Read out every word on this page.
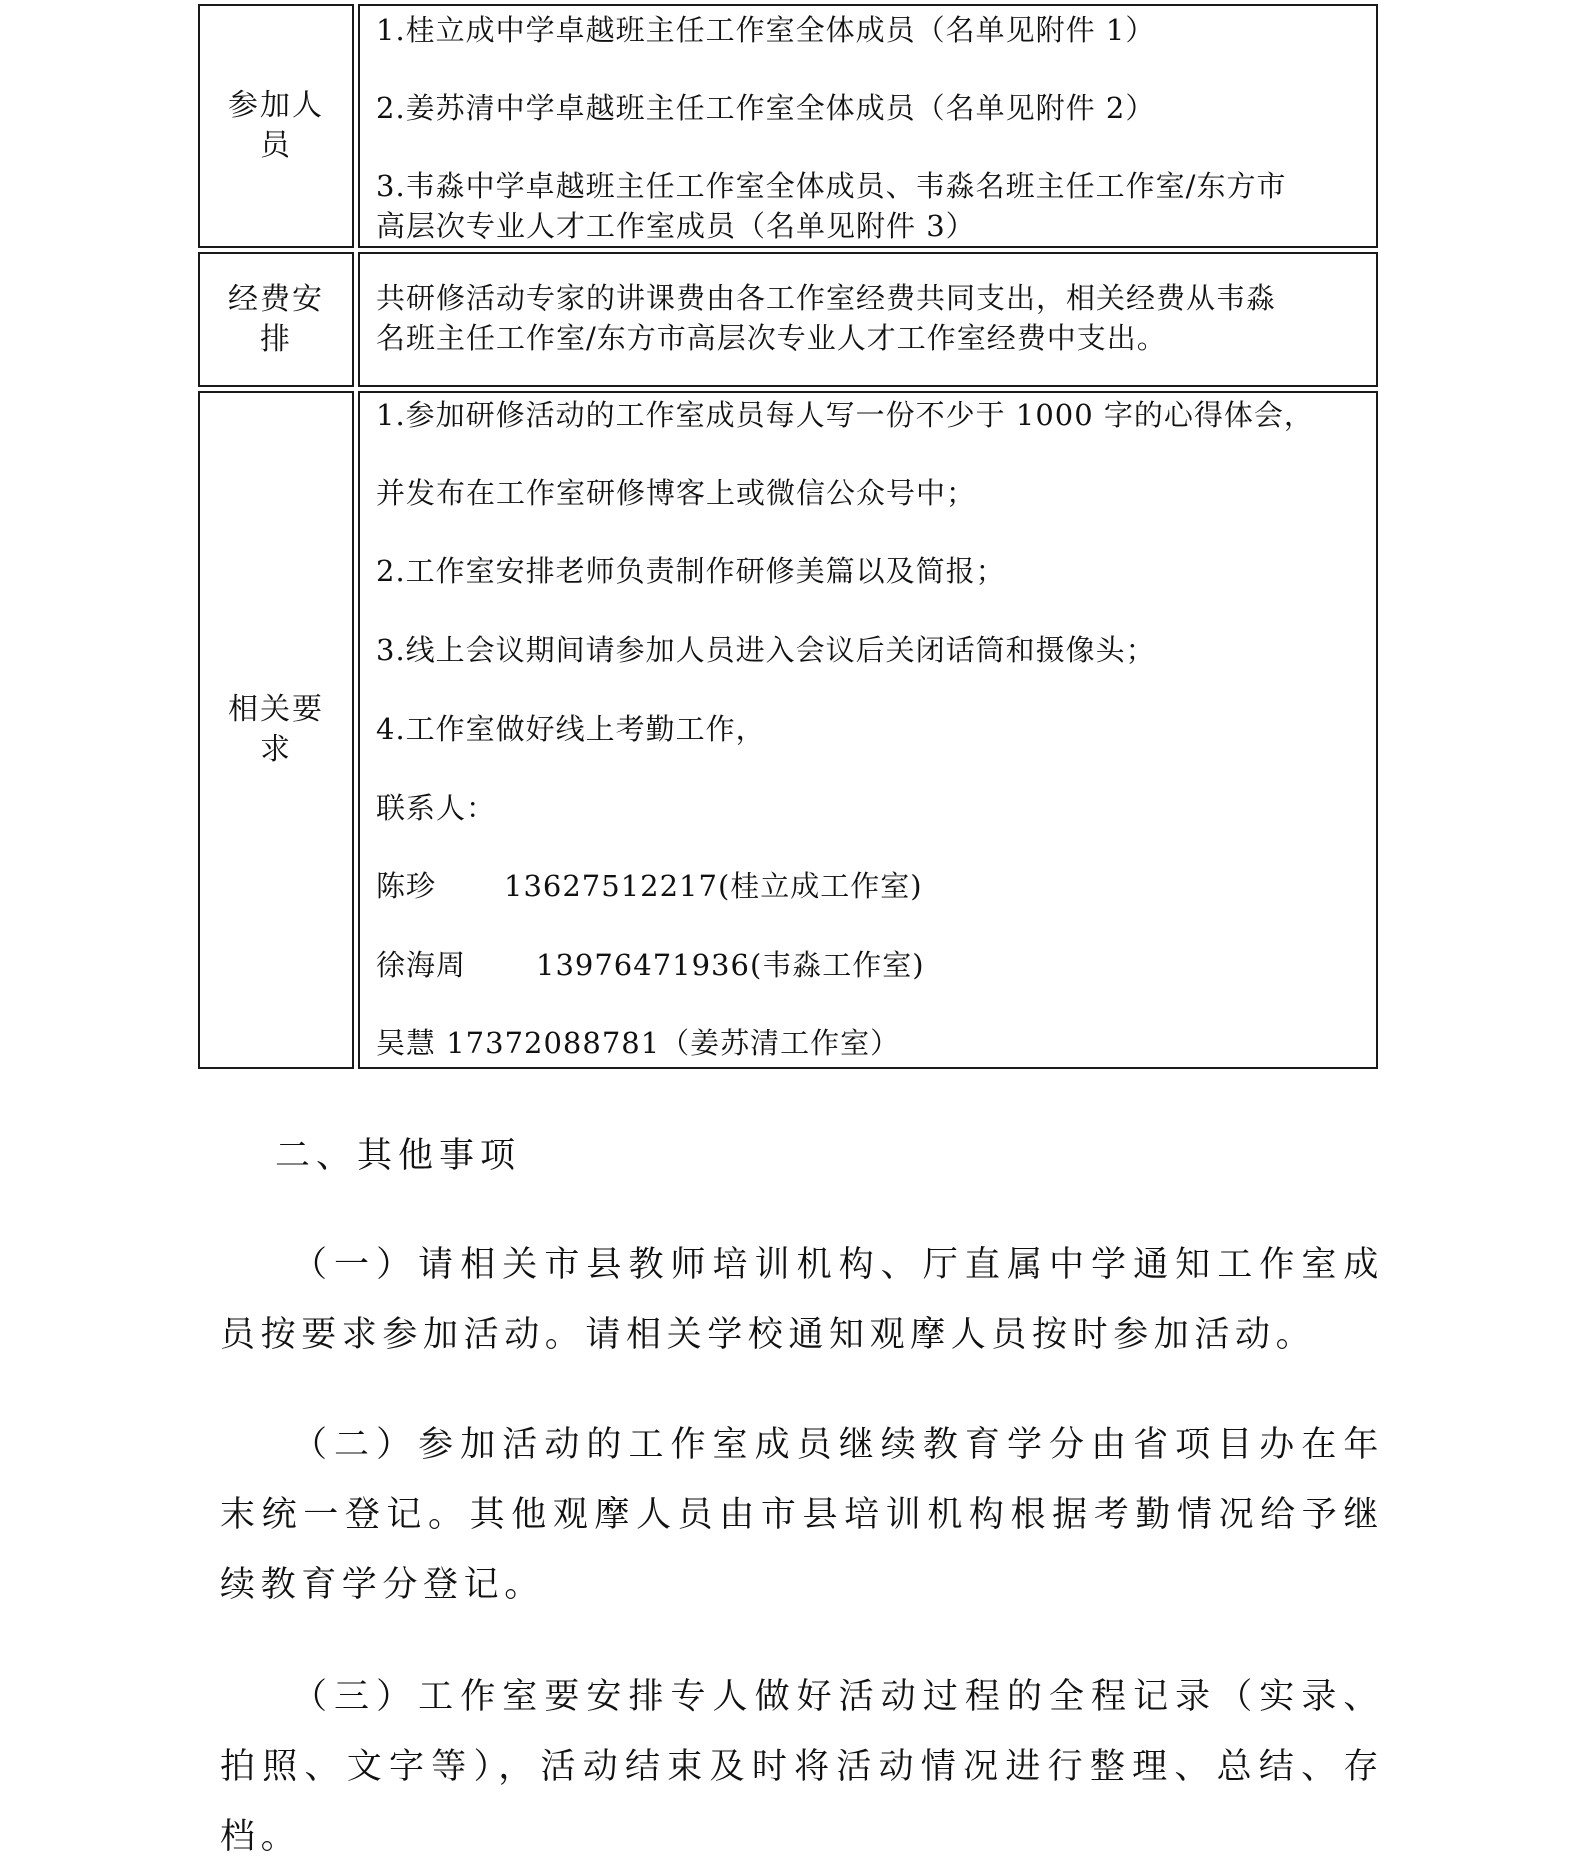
参加人员
1.桂立成中学卓越班主任工作室全体成员（名单见附件 1）
2.姜苏清中学卓越班主任工作室全体成员（名单见附件 2）
3.韦淼中学卓越班主任工作室全体成员、韦淼名班主任工作室/东方市
高层次专业人才工作室成员（名单见附件 3）
经费安排
共研修活动专家的讲课费由各工作室经费共同支出，相关经费从韦淼
名班主任工作室/东方市高层次专业人才工作室经费中支出。
相关要求
1.参加研修活动的工作室成员每人写一份不少于 1000 字的心得体会，
并发布在工作室研修博客上或微信公众号中；
2.工作室安排老师负责制作研修美篇以及简报；
3.线上会议期间请参加人员进入会议后关闭话筒和摄像头；
4.工作室做好线上考勤工作，
联系人：
陈珍 13627512217(桂立成工作室)
徐海周 13976471936(韦淼工作室)
吴慧 17372088781（姜苏清工作室）
二、其他事项

（一）请相关市县教师培训机构、厅直属中学通知工作室成员按要求参加活动。请相关学校通知观摩人员按时参加活动。

（二）参加活动的工作室成员继续教育学分由省项目办在年末统一登记。其他观摩人员由市县培训机构根据考勤情况给予继续教育学分登记。

（三）工作室要安排专人做好活动过程的全程记录（实录、拍照、文字等），活动结束及时将活动情况进行整理、总结、存档。
